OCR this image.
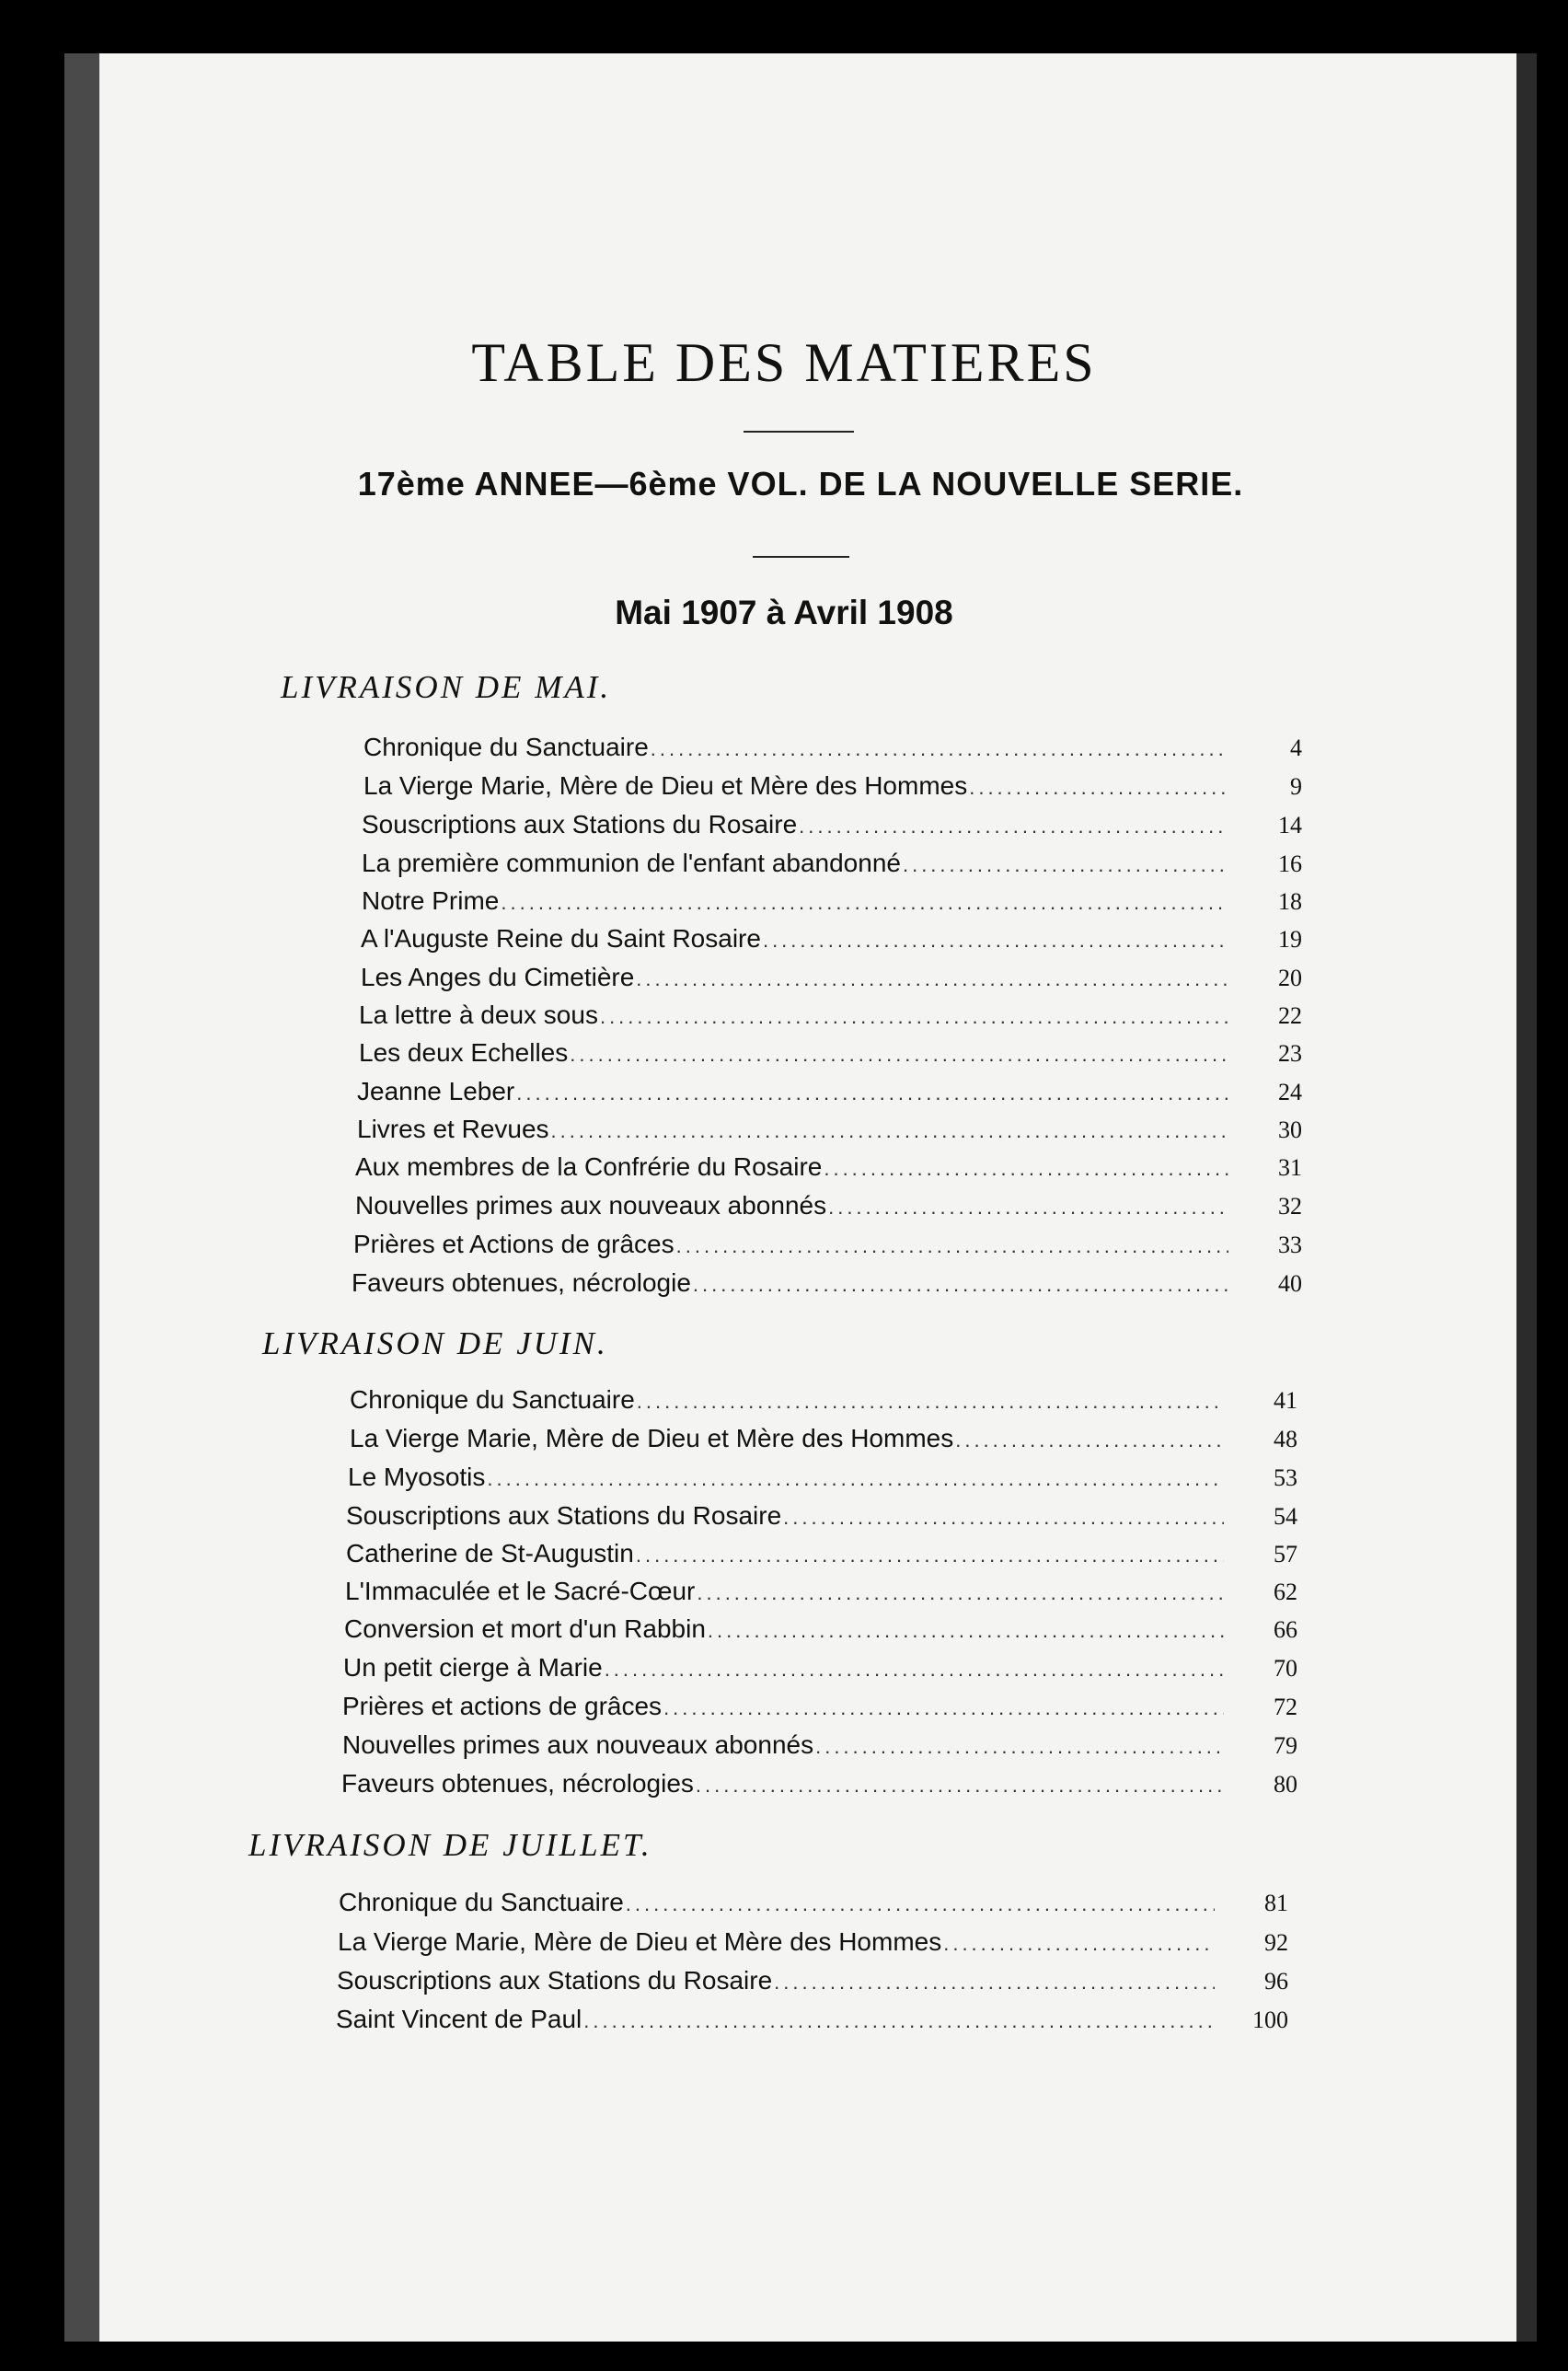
TABLE DES MATIERES
17ème ANNEE—6ème VOL. DE LA NOUVELLE SERIE.
Mai 1907 à Avril 1908
LIVRAISON DE MAI.
Chronique du Sanctuaire .....	4
La Vierge Marie, Mère de Dieu et Mère des Hommes .....	9
Souscriptions aux Stations du Rosaire .....	14
La première communion de l'enfant abandonné .....	16
Notre Prime .....	18
A l'Auguste Reine du Saint Rosaire .....	19
Les Anges du Cimetière .....	20
La lettre à deux sous .....	22
Les deux Echelles .....	23
Jeanne Leber .....	24
Livres et Revues .....	30
Aux membres de la Confrérie du Rosaire .....	31
Nouvelles primes aux nouveaux abonnés .....	32
Prières et Actions de grâces .....	33
Faveurs obtenues, nécrologie .....	40
LIVRAISON DE JUIN.
Chronique du Sanctuaire .....	41
La Vierge Marie, Mère de Dieu et Mère des Hommes .....	48
Le Myosotis .....	53
Souscriptions aux Stations du Rosaire .....	54
Catherine de St-Augustin .....	57
L'Immaculée et le Sacré-Cœur .....	62
Conversion et mort d'un Rabbin .....	66
Un petit cierge à Marie .....	70
Prières et actions de grâces .....	72
Nouvelles primes aux nouveaux abonnés .....	79
Faveurs obtenues, nécrologies .....	80
LIVRAISON DE JUILLET.
Chronique du Sanctuaire .....	81
La Vierge Marie, Mère de Dieu et Mère des Hommes .....	92
Souscriptions aux Stations du Rosaire .....	96
Saint Vincent de Paul .....	100
